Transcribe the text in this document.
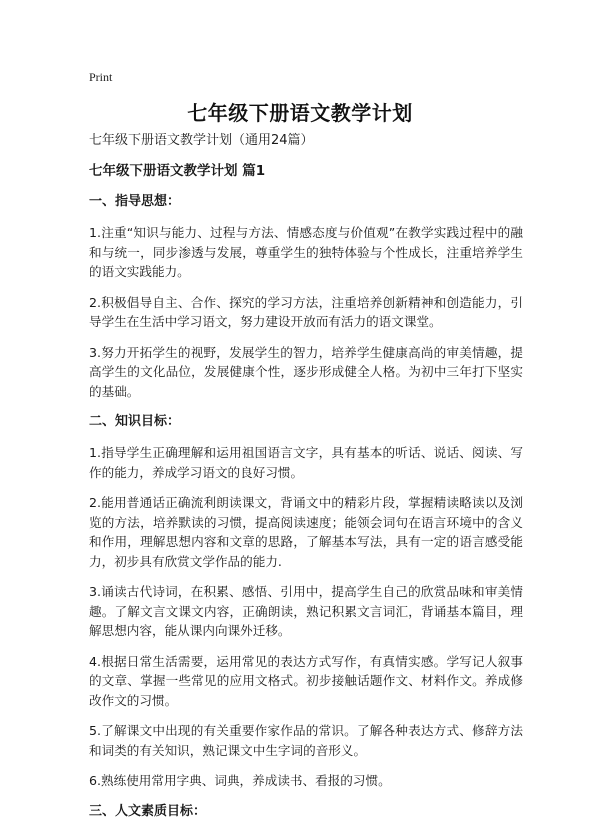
Print
七年级下册语文教学计划

七年级下册语文教学计划（通用24篇）

七年级下册语文教学计划 篇1

一、指导思想：

1.注重“知识与能力、过程与方法、情感态度与价值观”在教学实践过程中的融和与统一，同步渗透与发展，尊重学生的独特体验与个性成长，注重培养学生的语文实践能力。

2.积极倡导自主、合作、探究的学习方法，注重培养创新精神和创造能力，引导学生在生活中学习语文，努力建设开放而有活力的语文课堂。

3.努力开拓学生的视野，发展学生的智力，培养学生健康高尚的审美情趣，提高学生的文化品位，发展健康个性，逐步形成健全人格。为初中三年打下坚实的基础。

二、知识目标：

1.指导学生正确理解和运用祖国语言文字，具有基本的听话、说话、阅读、写作的能力，养成学习语文的良好习惯。

2.能用普通话正确流利朗读课文，背诵文中的精彩片段，掌握精读略读以及浏览的方法，培养默读的习惯，提高阅读速度；能领会词句在语言环境中的含义和作用，理解思想内容和文章的思路，了解基本写法，具有一定的语言感受能力，初步具有欣赏文学作品的能力.

3.诵读古代诗词，在积累、感悟、引用中，提高学生自己的欣赏品味和审美情趣。了解文言文课文内容，正确朗读，熟记积累文言词汇，背诵基本篇目，理解思想内容，能从课内向课外迁移。

4.根据日常生活需要，运用常见的表达方式写作，有真情实感。学写记人叙事的文章、掌握一些常见的应用文格式。初步接触话题作文、材料作文。养成修改作文的习惯。

5.了解课文中出现的有关重要作家作品的常识。了解各种表达方式、修辞方法和词类的有关知识，熟记课文中生字词的音形义。

6.熟练使用常用字典、词典，养成读书、看报的习惯。

三、人文素质目标：
